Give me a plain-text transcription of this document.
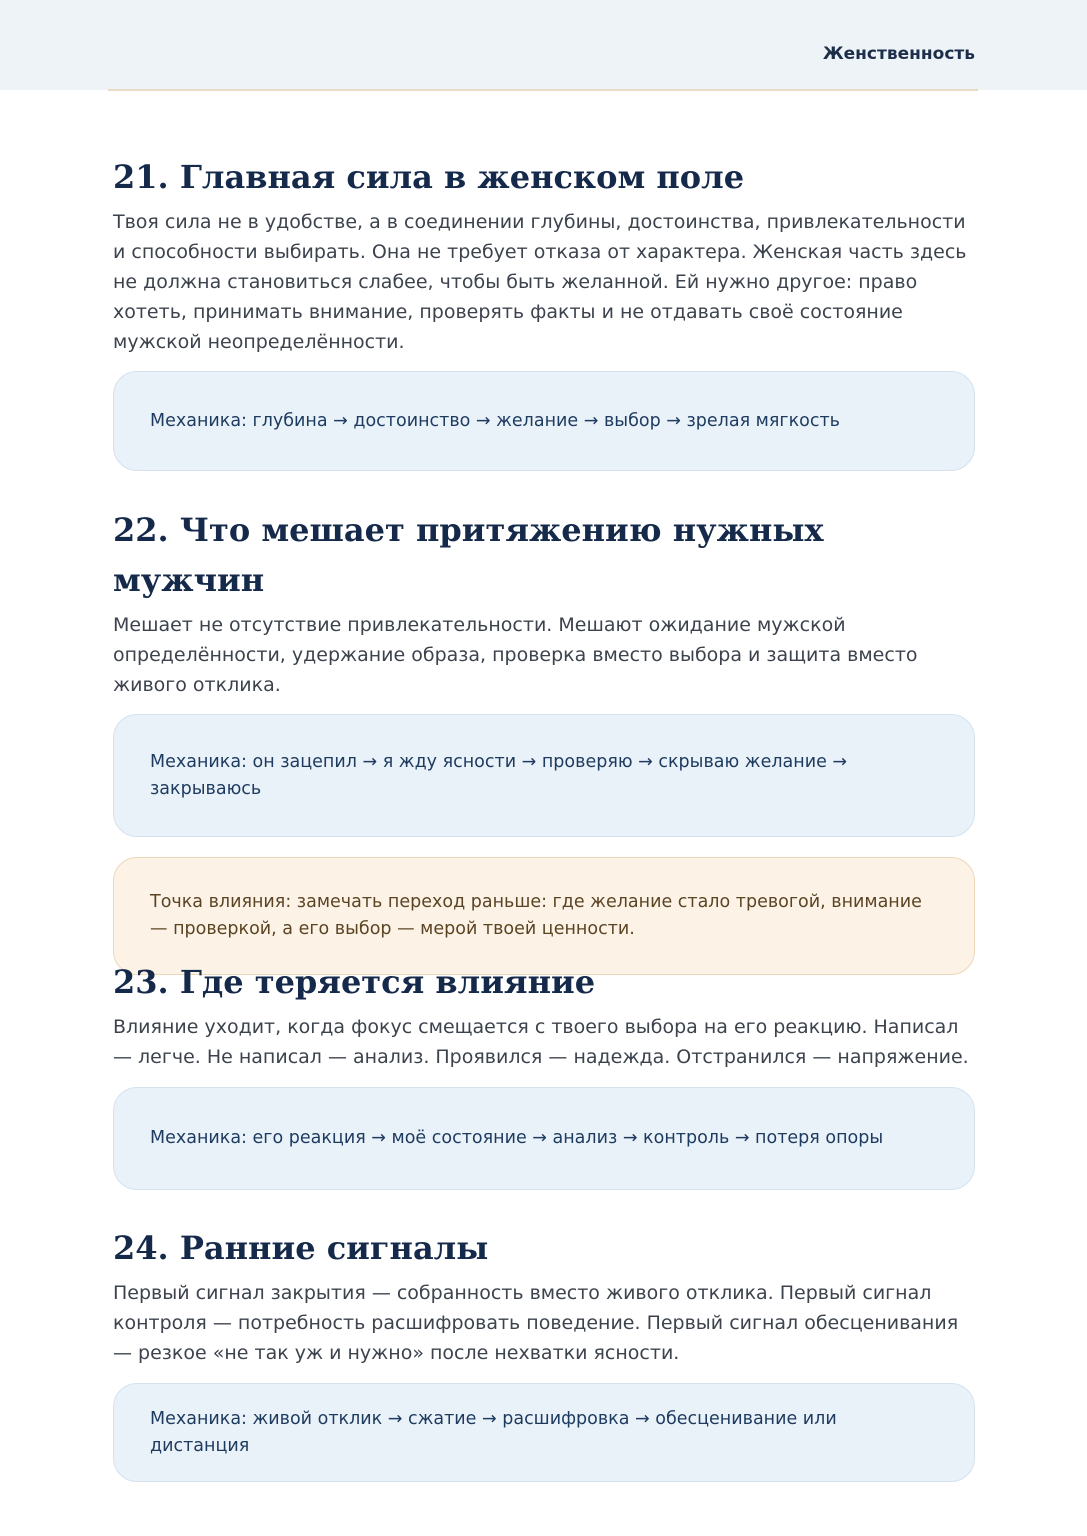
Женственность
21. Главная сила в женском поле

Твоя сила не в удобстве, а в соединении глубины, достоинства, привлекательности и способности выбирать. Она не требует отказа от характера. Женская часть здесь не должна становиться слабее, чтобы быть желанной. Ей нужно другое: право хотеть, принимать внимание, проверять факты и не отдавать своё состояние мужской неопределённости.

Механика: глубина → достоинство → желание → выбор → зрелая мягкость
22. Что мешает притяжению нужных мужчин

Мешает не отсутствие привлекательности. Мешают ожидание мужской определённости, удержание образа, проверка вместо выбора и защита вместо живого отклика.

Механика: он зацепил → я жду ясности → проверяю → скрываю желание → закрываюсь
Точка влияния: замечать переход раньше: где желание стало тревогой, внимание — проверкой, а его выбор — мерой твоей ценности.
23. Где теряется влияние

Влияние уходит, когда фокус смещается с твоего выбора на его реакцию. Написал — легче. Не написал — анализ. Проявился — надежда. Отстранился — напряжение.

Механика: его реакция → моё состояние → анализ → контроль → потеря опоры
24. Ранние сигналы

Первый сигнал закрытия — собранность вместо живого отклика. Первый сигнал контроля — потребность расшифровать поведение. Первый сигнал обесценивания — резкое «не так уж и нужно» после нехватки ясности.

Механика: живой отклик → сжатие → расшифровка → обесценивание или дистанция
